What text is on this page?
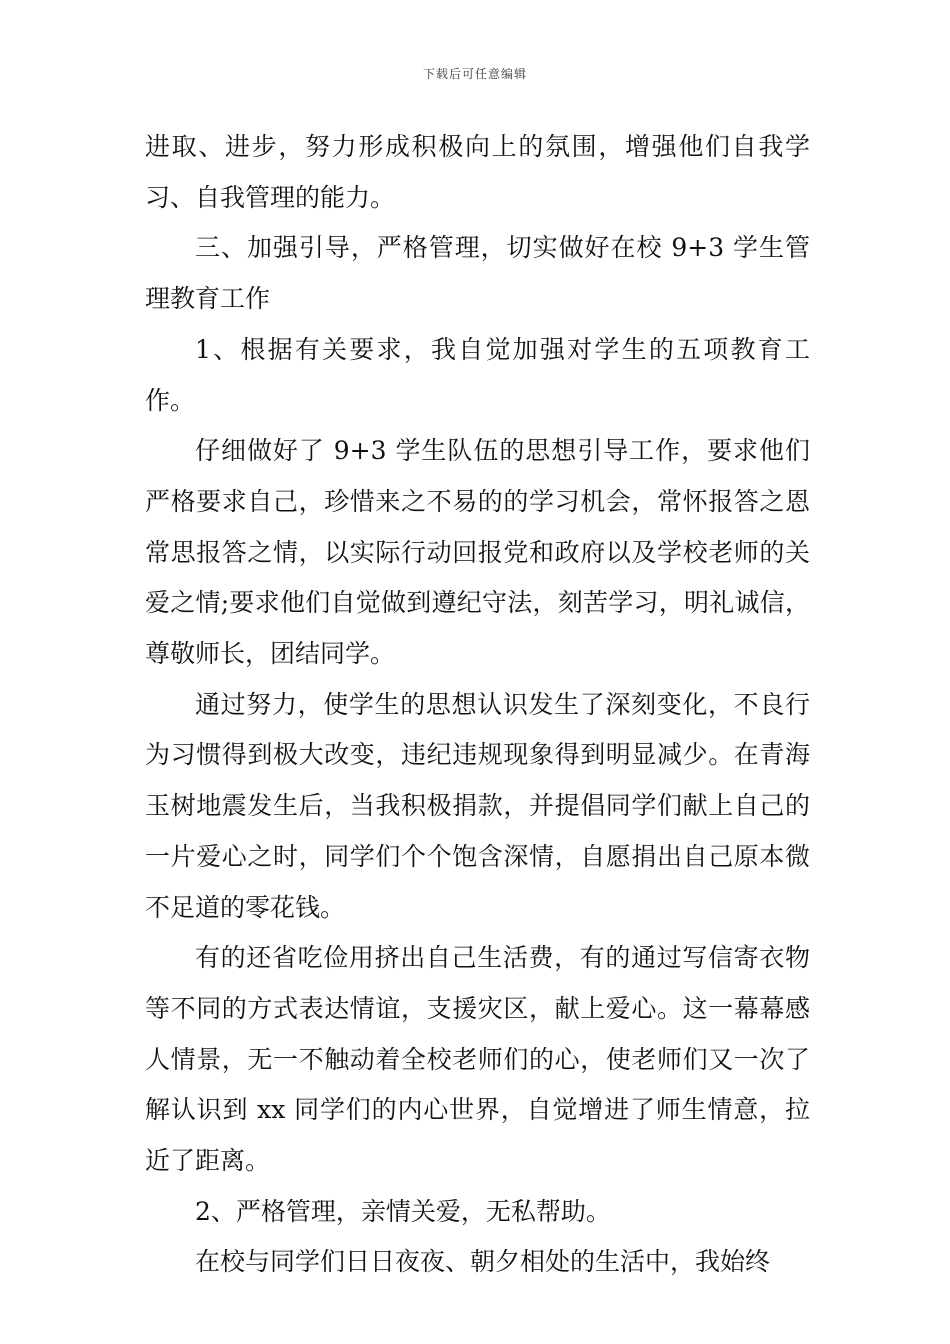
下载后可任意编辑

进取、进步，努力形成积极向上的氛围，增强他们自我学习、自我管理的能力。

三、加强引导，严格管理，切实做好在校 9+3 学生管理教育工作

1、根据有关要求，我自觉加强对学生的五项教育工作。

仔细做好了 9+3 学生队伍的思想引导工作，要求他们严格要求自己，珍惜来之不易的的学习机会，常怀报答之恩常思报答之情，以实际行动回报党和政府以及学校老师的关爱之情;要求他们自觉做到遵纪守法，刻苦学习，明礼诚信，尊敬师长，团结同学。

通过努力，使学生的思想认识发生了深刻变化，不良行为习惯得到极大改变，违纪违规现象得到明显减少。在青海玉树地震发生后，当我积极捐款，并提倡同学们献上自己的一片爱心之时，同学们个个饱含深情，自愿捐出自己原本微不足道的零花钱。

有的还省吃俭用挤出自己生活费，有的通过写信寄衣物等不同的方式表达情谊，支援灾区，献上爱心。这一幕幕感人情景，无一不触动着全校老师们的心，使老师们又一次了解认识到 xx 同学们的内心世界，自觉增进了师生情意，拉近了距离。

2、严格管理，亲情关爱，无私帮助。

在校与同学们日日夜夜、朝夕相处的生活中，我始终
